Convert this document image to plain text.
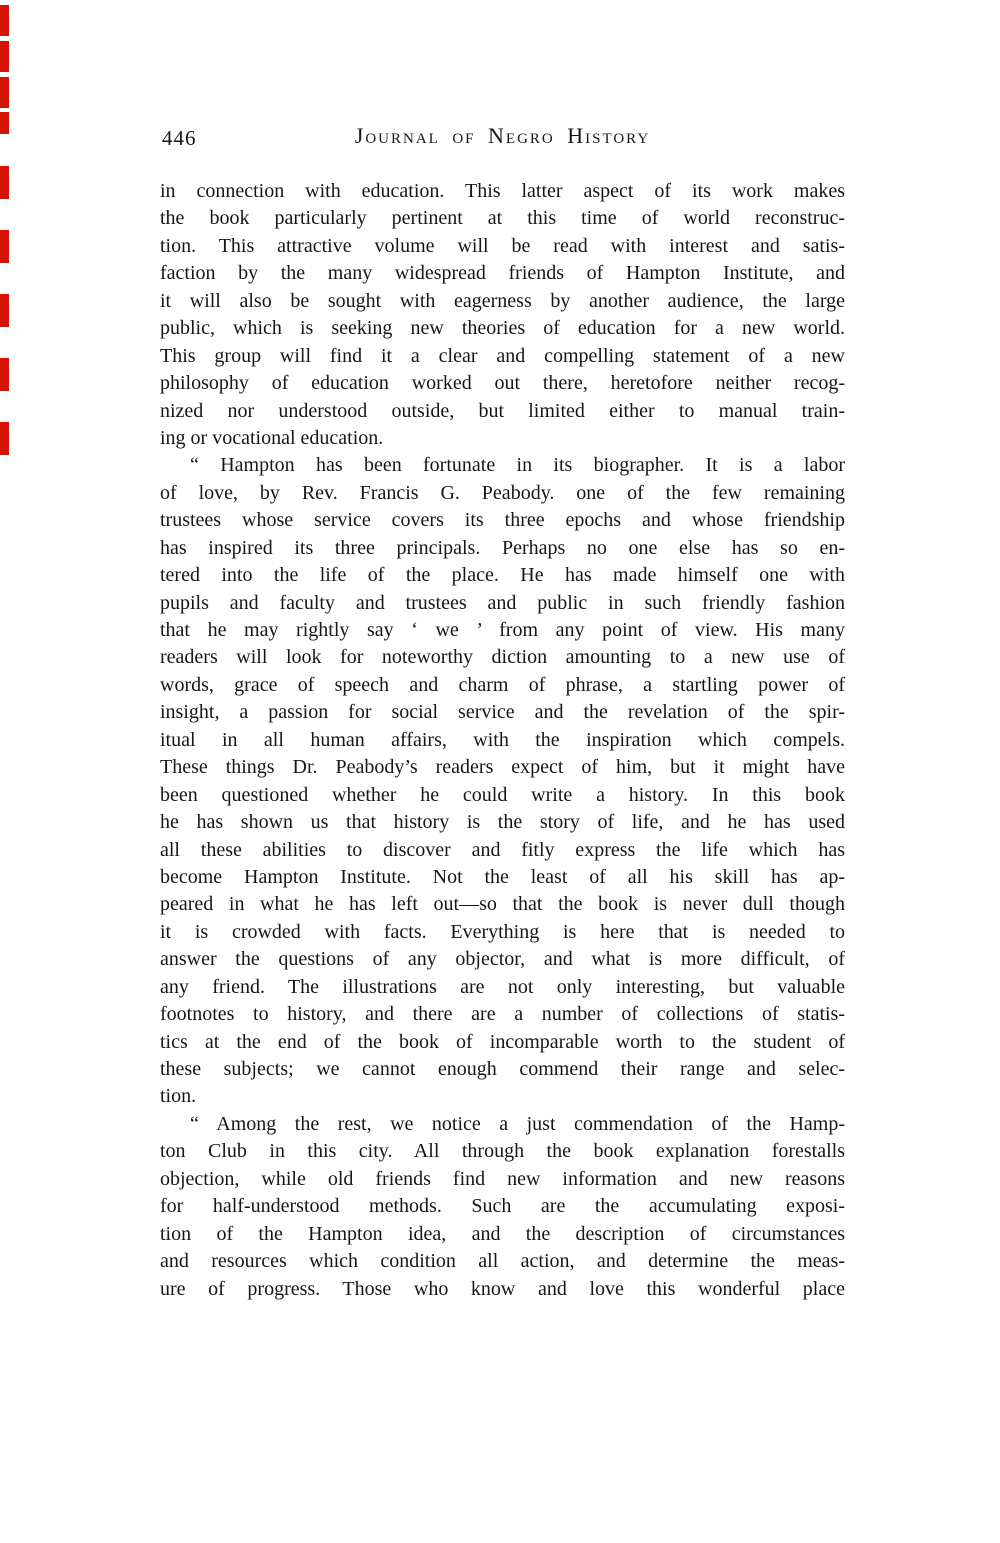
446	Journal of Negro History
in connection with education. This latter aspect of its work makes
the book particularly pertinent at this time of world reconstruc-
tion. This attractive volume will be read with interest and satis-
faction by the many widespread friends of Hampton Institute, and
it will also be sought with eagerness by another audience, the large
public, which is seeking new theories of education for a new world.
This group will find it a clear and compelling statement of a new
philosophy of education worked out there, heretofore neither recog-
nized nor understood outside, but limited either to manual train-
ing or vocational education.
“ Hampton has been fortunate in its biographer. It is a labor
of love, by Rev. Francis G. Peabody. one of the few remaining
trustees whose service covers its three epochs and whose friendship
has inspired its three principals. Perhaps no one else has so en-
tered into the life of the place. He has made himself one with
pupils and faculty and trustees and public in such friendly fashion
that he may rightly say ‘ we ’ from any point of view. His many
readers will look for noteworthy diction amounting to a new use of
words, grace of speech and charm of phrase, a startling power of
insight, a passion for social service and the revelation of the spir-
itual in all human affairs, with the inspiration which compels.
These things Dr. Peabody’s readers expect of him, but it might have
been questioned whether he could write a history. In this book
he has shown us that history is the story of life, and he has used
all these abilities to discover and fitly express the life which has
become Hampton Institute. Not the least of all his skill has ap-
peared in what he has left out—so that the book is never dull though
it is crowded with facts. Everything is here that is needed to
answer the questions of any objector, and what is more difficult, of
any friend. The illustrations are not only interesting, but valuable
footnotes to history, and there are a number of collections of statis-
tics at the end of the book of incomparable worth to the student of
these subjects; we cannot enough commend their range and selec-
tion.
“ Among the rest, we notice a just commendation of the Hamp-
ton Club in this city. All through the book explanation forestalls
objection, while old friends find new information and new reasons
for half-understood methods. Such are the accumulating exposi-
tion of the Hampton idea, and the description of circumstances
and resources which condition all action, and determine the meas-
ure of progress. Those who know and love this wonderful place
